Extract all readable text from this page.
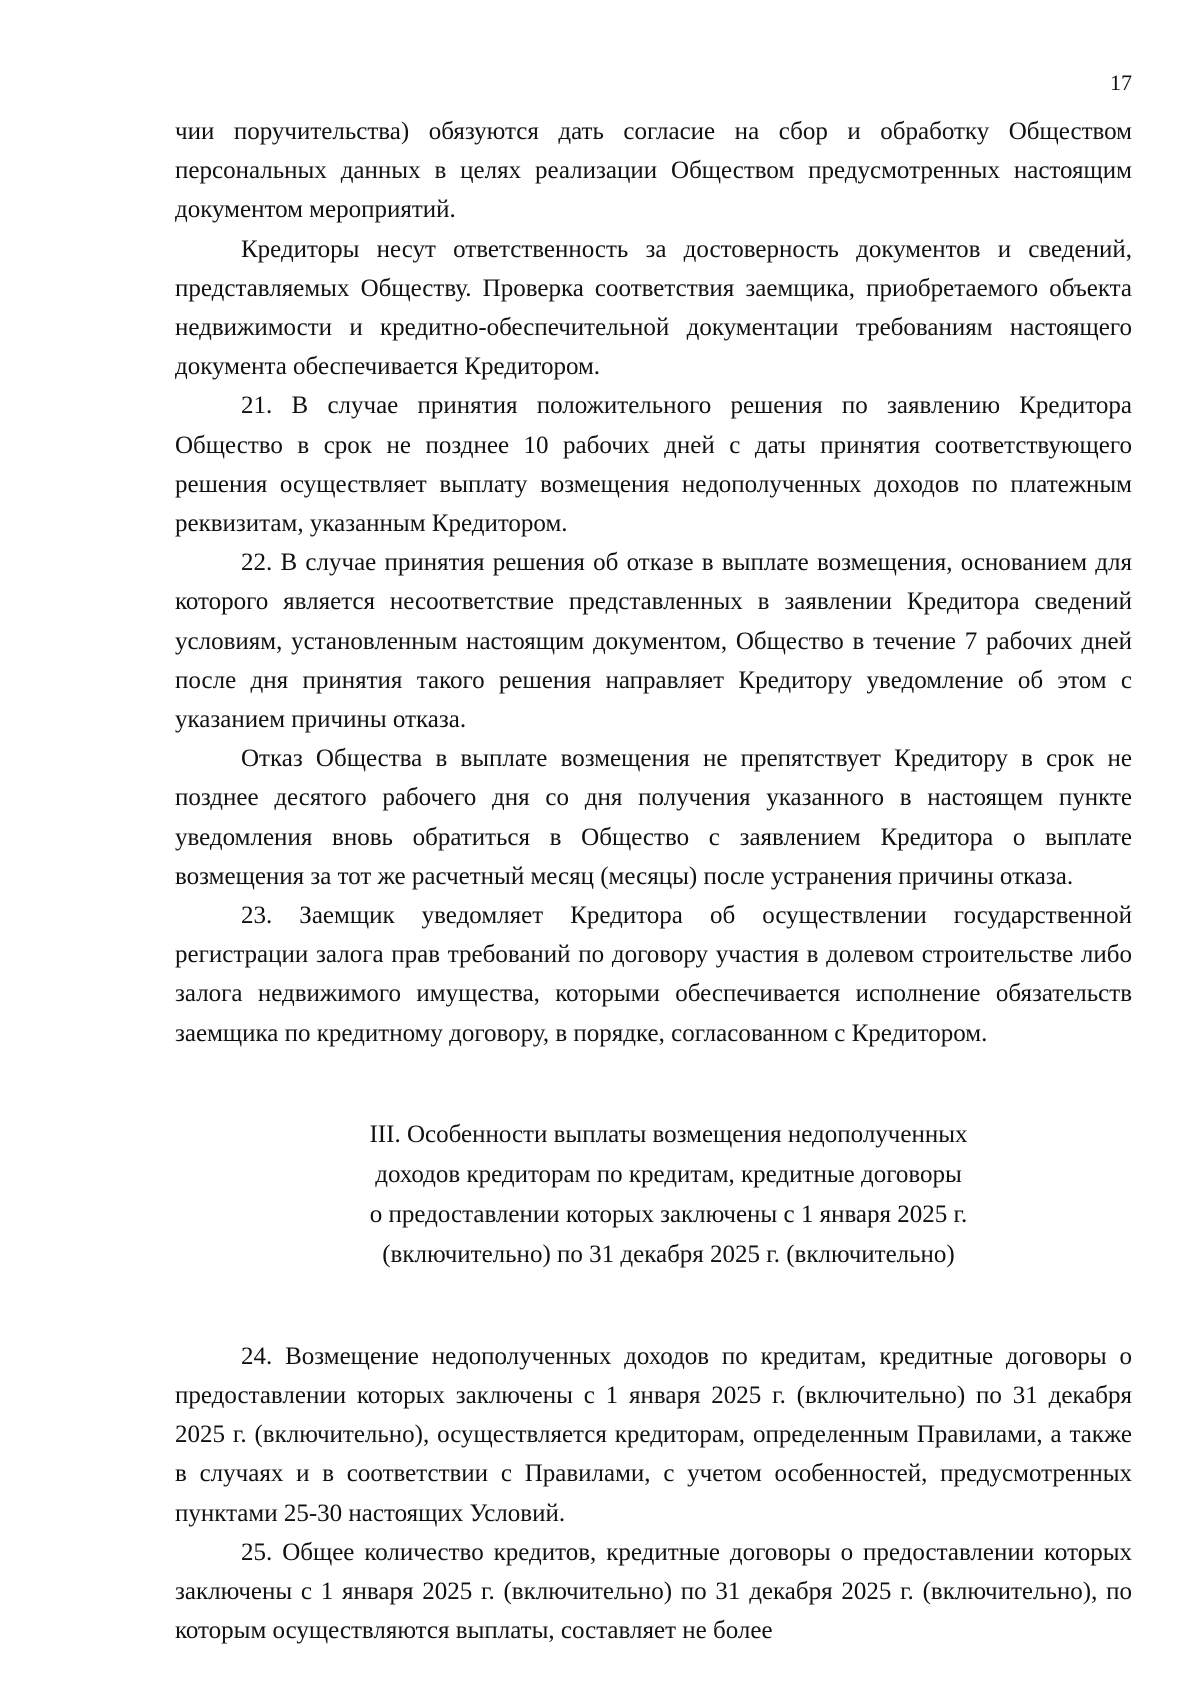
17

чии поручительства) обязуются дать согласие на сбор и обработку Обществом персональных данных в целях реализации Обществом предусмотренных настоящим документом мероприятий.

Кредиторы несут ответственность за достоверность документов и сведений, представляемых Обществу. Проверка соответствия заемщика, приобретаемого объекта недвижимости и кредитно-обеспечительной документации требованиям настоящего документа обеспечивается Кредитором.

21. В случае принятия положительного решения по заявлению Кредитора Общество в срок не позднее 10 рабочих дней с даты принятия соответствующего решения осуществляет выплату возмещения недополученных доходов по платежным реквизитам, указанным Кредитором.

22. В случае принятия решения об отказе в выплате возмещения, основанием для которого является несоответствие представленных в заявлении Кредитора сведений условиям, установленным настоящим документом, Общество в течение 7 рабочих дней после дня принятия такого решения направляет Кредитору уведомление об этом с указанием причины отказа.

Отказ Общества в выплате возмещения не препятствует Кредитору в срок не позднее десятого рабочего дня со дня получения указанного в настоящем пункте уведомления вновь обратиться в Общество с заявлением Кредитора о выплате возмещения за тот же расчетный месяц (месяцы) после устранения причины отказа.

23. Заемщик уведомляет Кредитора об осуществлении государственной регистрации залога прав требований по договору участия в долевом строительстве либо залога недвижимого имущества, которыми обеспечивается исполнение обязательств заемщика по кредитному договору, в порядке, согласованном с Кредитором.

III. Особенности выплаты возмещения недополученных
доходов кредиторам по кредитам, кредитные договоры
о предоставлении которых заключены с 1 января 2025 г.
(включительно) по 31 декабря 2025 г. (включительно)

24. Возмещение недополученных доходов по кредитам, кредитные договоры о предоставлении которых заключены с 1 января 2025 г. (включительно) по 31 декабря 2025 г. (включительно), осуществляется кредиторам, определенным Правилами, а также в случаях и в соответствии с Правилами, с учетом особенностей, предусмотренных пунктами 25-30 настоящих Условий.

25. Общее количество кредитов, кредитные договоры о предоставлении которых заключены с 1 января 2025 г. (включительно) по 31 декабря 2025 г. (включительно), по которым осуществляются выплаты, составляет не более
